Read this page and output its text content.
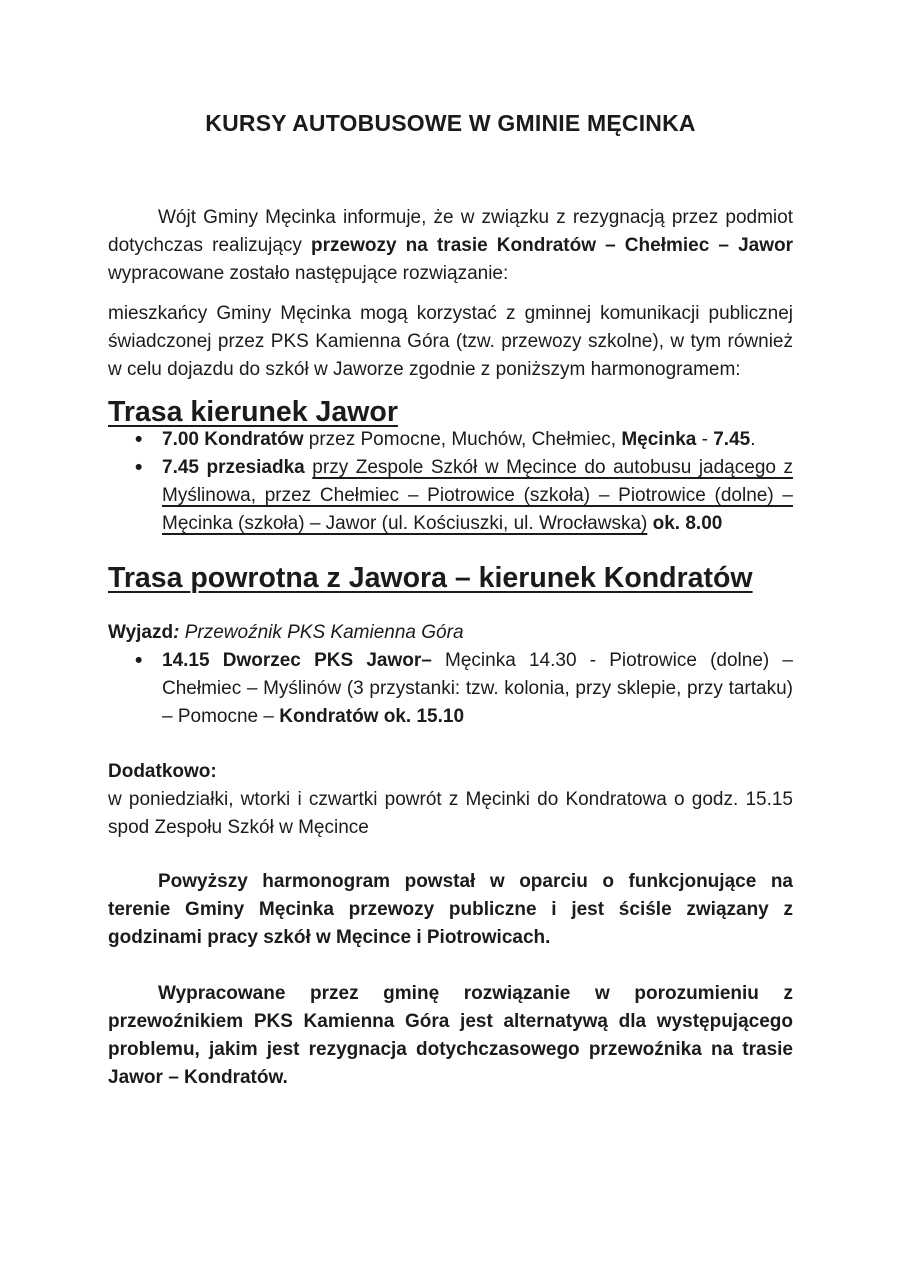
KURSY AUTOBUSOWE W GMINIE MĘCINKA

Wójt Gminy Męcinka informuje, że w związku z rezygnacją przez podmiot dotychczas realizujący przewozy na trasie Kondratów – Chełmiec – Jawor wypracowane zostało następujące rozwiązanie:

mieszkańcy Gminy Męcinka mogą korzystać z gminnej komunikacji publicznej świadczonej przez PKS Kamienna Góra (tzw. przewozy szkolne), w tym również w celu dojazdu do szkół w Jaworze zgodnie z poniższym harmonogramem:

Trasa kierunek Jawor
• 7.00 Kondratów przez Pomocne, Muchów, Chełmiec, Męcinka - 7.45.
• 7.45 przesiadka przy Zespole Szkół w Męcince do autobusu jadącego z Myślinowa, przez Chełmiec – Piotrowice (szkoła) – Piotrowice (dolne) – Męcinka (szkoła) – Jawor (ul. Kościuszki, ul. Wrocławska) ok. 8.00
Trasa powrotna z Jawora – kierunek Kondratów

Wyjazd: Przewoźnik PKS Kamienna Góra

• 14.15 Dworzec PKS Jawor– Męcinka 14.30 - Piotrowice (dolne) – Chełmiec – Myślinów (3 przystanki: tzw. kolonia, przy sklepie, przy tartaku) – Pomocne – Kondratów ok. 15.10

Dodatkowo:

w poniedziałki, wtorki i czwartki powrót z Męcinki do Kondratowa o godz. 15.15 spod Zespołu Szkół w Męcince

Powyższy harmonogram powstał w oparciu o funkcjonujące na terenie Gminy Męcinka przewozy publiczne i jest ściśle związany z godzinami pracy szkół w Męcince i Piotrowicach.

Wypracowane przez gminę rozwiązanie w porozumieniu z przewoźnikiem PKS Kamienna Góra jest alternatywą dla występującego problemu, jakim jest rezygnacja dotychczasowego przewoźnika na trasie Jawor – Kondratów.
